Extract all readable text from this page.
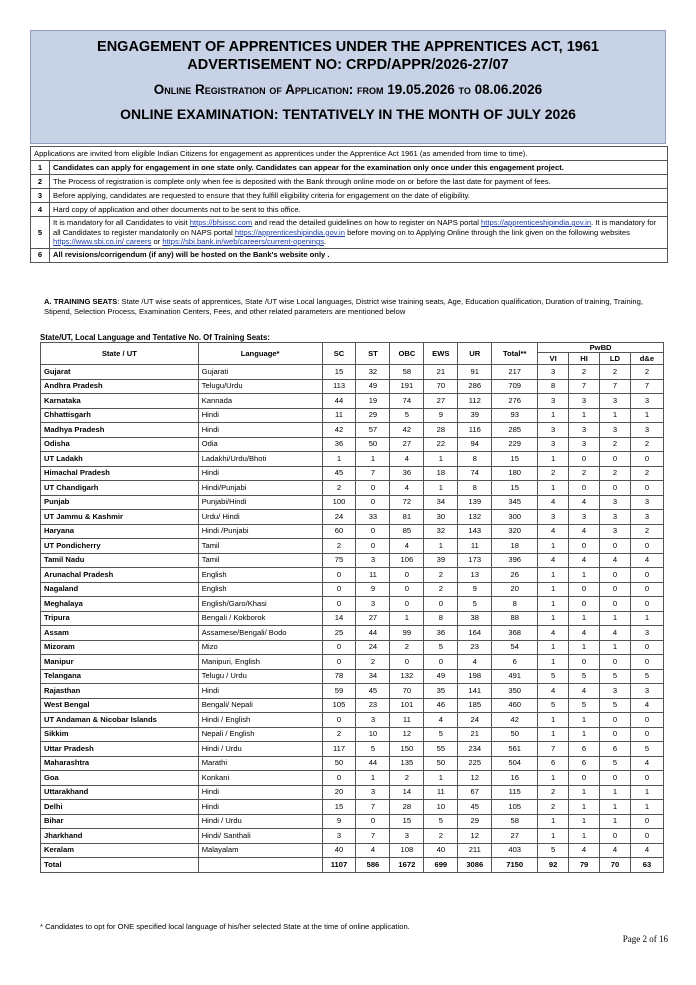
ENGAGEMENT OF APPRENTICES UNDER THE APPRENTICES ACT, 1961
ADVERTISEMENT NO: CRPD/APPR/2026-27/07
Online Registration of Application: from 19.05.2026 to 08.06.2026
ONLINE EXAMINATION: TENTATIVELY IN THE MONTH OF JULY 2026
Applications are invited from eligible Indian Citizens for engagement as apprentices under the Apprentice Act 1961 (as amended from time to time).	
1	Candidates can apply for engagement in one state only. Candidates can appear for the examination only once under this engagement project.
2	The Process of registration is complete only when fee is deposited with the Bank through online mode on or before the last date for payment of fees.
3	Before applying, candidates are requested to ensure that they fulfill eligibility criteria for engagement on the date of eligibility.
4	Hard copy of application and other documents not to be sent to this office.
5	It is mandatory for all Candidates to visit https://bfsissc.com and read the detailed guidelines on how to register on NAPS portal https://apprenticeshipindia.gov.in. It is mandatory for all Candidates to register mandatorily on NAPS portal https://apprenticeshipindia.gov.in before moving on to Applying Online through the link given on the following websites https://www.sbi.co.in/ careers or https://sbi.bank.in/web/careers/current-openings.
6	All revisions/corrigendum (if any) will be hosted on the Bank's website only .
A. TRAINING SEATS: State /UT wise seats of apprentices, State /UT wise Local languages, District wise training seats, Age, Education qualification, Duration of training, Training, Stipend, Selection Process, Examination Centers, Fees, and other related parameters are mentioned below
State/UT, Local Language and Tentative No. Of Training Seats:
State / UT	Language*	SC	ST	OBC	EWS	UR	Total**	PwBD			
								VI	HI	LD	d&e
Gujarat	Gujarati	15	32	58	21	91	217	3	2	2	2
Andhra Pradesh	Telugu/Urdu	113	49	191	70	286	709	8	7	7	7
Karnataka	Kannada	44	19	74	27	112	276	3	3	3	3
Chhattisgarh	Hindi	11	29	5	9	39	93	1	1	1	1
Madhya Pradesh	Hindi	42	57	42	28	116	285	3	3	3	3
Odisha	Odia	36	50	27	22	94	229	3	3	2	2
UT Ladakh	Ladakhi/Urdu/Bhoti	1	1	4	1	8	15	1	0	0	0
Himachal Pradesh	Hindi	45	7	36	18	74	180	2	2	2	2
UT Chandigarh	Hindi/Punjabi	2	0	4	1	8	15	1	0	0	0
Punjab	Punjabi/Hindi	100	0	72	34	139	345	4	4	3	3
UT Jammu & Kashmir	Urdu/ Hindi	24	33	81	30	132	300	3	3	3	3
Haryana	Hindi /Punjabi	60	0	85	32	143	320	4	4	3	2
UT Pondicherry	Tamil	2	0	4	1	11	18	1	0	0	0
Tamil Nadu	Tamil	75	3	106	39	173	396	4	4	4	4
Arunachal Pradesh	English	0	11	0	2	13	26	1	1	0	0
Nagaland	English	0	9	0	2	9	20	1	0	0	0
Meghalaya	English/Garo/Khasi	0	3	0	0	5	8	1	0	0	0
Tripura	Bengali / Kokborok	14	27	1	8	38	88	1	1	1	1
Assam	Assamese/Bengali/ Bodo	25	44	99	36	164	368	4	4	4	3
Mizoram	Mizo	0	24	2	5	23	54	1	1	1	0
Manipur	Manipuri, English	0	2	0	0	4	6	1	0	0	0
Telangana	Telugu / Urdu	78	34	132	49	198	491	5	5	5	5
Rajasthan	Hindi	59	45	70	35	141	350	4	4	3	3
West Bengal	Bengali/ Nepali	105	23	101	46	185	460	5	5	5	4
UT Andaman & Nicobar Islands	Hindi / English	0	3	11	4	24	42	1	1	0	0
Sikkim	Nepali / English	2	10	12	5	21	50	1	1	0	0
Uttar Pradesh	Hindi / Urdu	117	5	150	55	234	561	7	6	6	5
Maharashtra	Marathi	50	44	135	50	225	504	6	6	5	4
Goa	Konkani	0	1	2	1	12	16	1	0	0	0
Uttarakhand	Hindi	20	3	14	11	67	115	2	1	1	1
Delhi	Hindi	15	7	28	10	45	105	2	1	1	1
Bihar	Hindi / Urdu	9	0	15	5	29	58	1	1	1	0
Jharkhand	Hindi/ Santhali	3	7	3	2	12	27	1	1	0	0
Keralam	Malayalam	40	4	108	40	211	403	5	4	4	4
Total		1107	586	1672	699	3086	7150	92	79	70	63
* Candidates to opt for ONE specified local language of his/her selected State at the time of online application.
Page 2 of 16
